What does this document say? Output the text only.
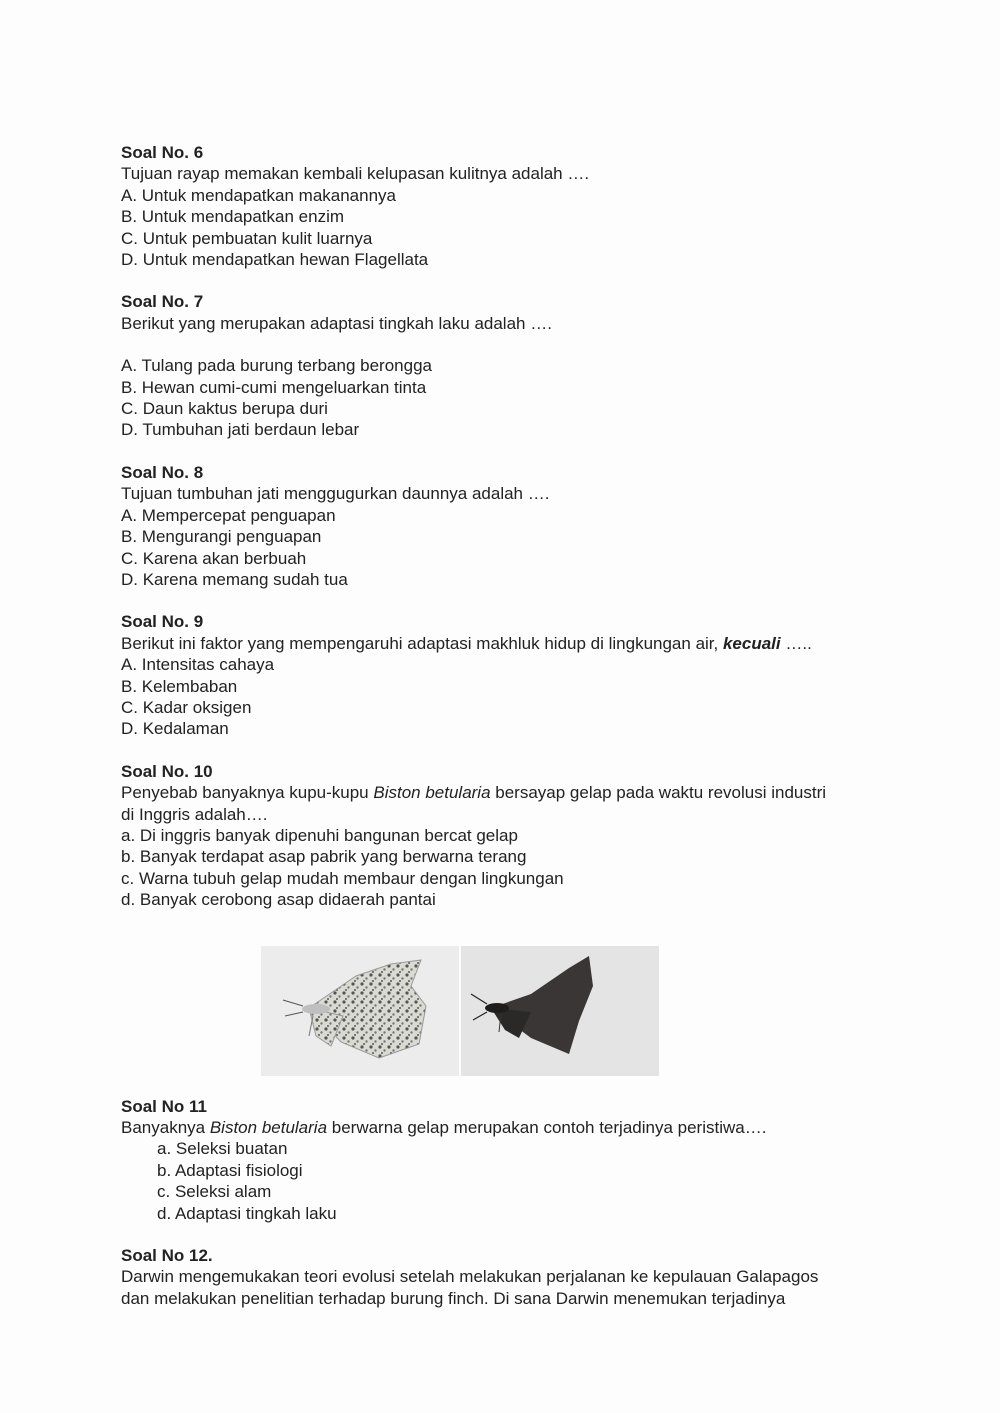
Soal No. 6

Tujuan rayap memakan kembali kelupasan kulitnya adalah ….

A. Untuk mendapatkan makanannya

B. Untuk mendapatkan enzim

C. Untuk pembuatan kulit luarnya

D. Untuk mendapatkan hewan Flagellata

Soal No. 7

Berikut yang merupakan adaptasi tingkah laku adalah ….

A. Tulang pada burung terbang berongga

B. Hewan cumi-cumi mengeluarkan tinta

C. Daun kaktus berupa duri

D. Tumbuhan jati berdaun lebar

Soal No. 8

Tujuan tumbuhan jati menggugurkan daunnya adalah ….

A. Mempercepat penguapan

B. Mengurangi penguapan

C. Karena akan berbuah

D. Karena memang sudah tua

Soal No. 9

Berikut ini faktor yang mempengaruhi adaptasi makhluk hidup di lingkungan air, kecuali …..

A. Intensitas cahaya

B. Kelembaban

C. Kadar oksigen

D. Kedalaman

Soal No. 10

Penyebab banyaknya kupu-kupu Biston betularia bersayap gelap pada waktu revolusi industri di Inggris adalah….

a. Di inggris banyak dipenuhi bangunan bercat gelap

b. Banyak terdapat asap pabrik yang berwarna terang

c. Warna tubuh gelap mudah membaur dengan lingkungan

d. Banyak cerobong asap didaerah pantai

Soal No 11

Banyaknya Biston betularia berwarna gelap merupakan contoh terjadinya peristiwa….

a. Seleksi buatan

b. Adaptasi fisiologi

c. Seleksi alam

d. Adaptasi tingkah laku

Soal No 12.

Darwin mengemukakan teori evolusi setelah melakukan perjalanan ke kepulauan Galapagos

dan melakukan penelitian terhadap burung finch. Di sana Darwin menemukan terjadinya
